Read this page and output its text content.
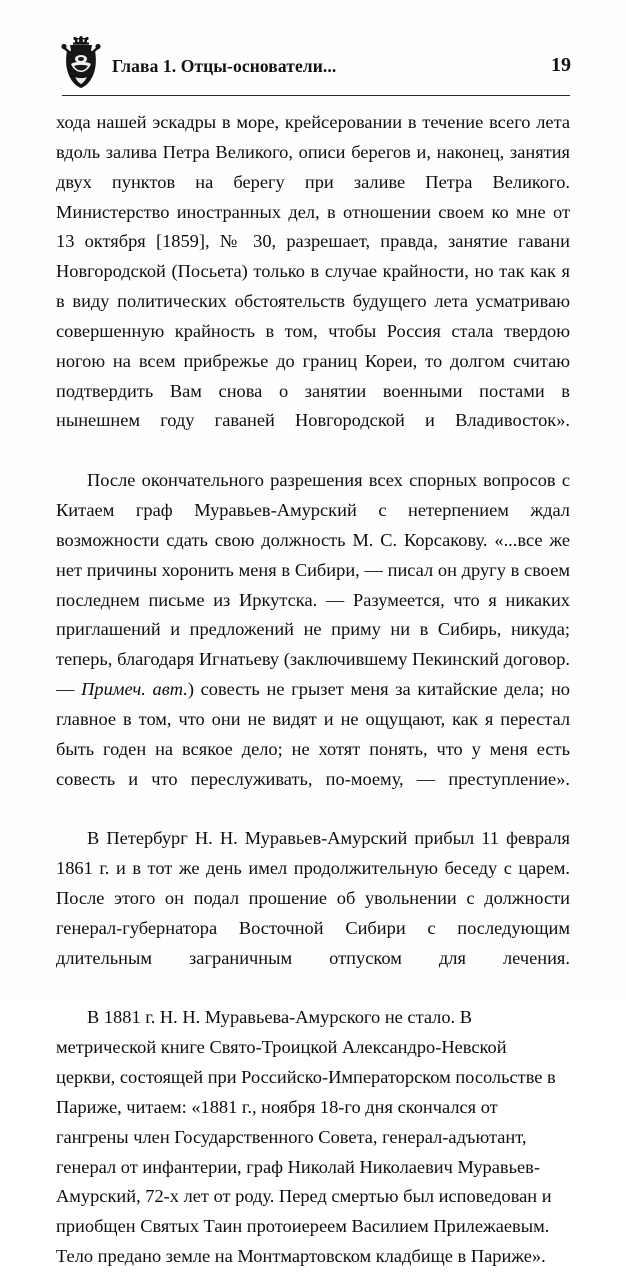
Глава 1. Отцы-основатели...	19

хода нашей эскадры в море, крейсеровании в течение всего лета вдоль залива Петра Великого, описи берегов и, наконец, занятия двух пунктов на берегу при заливе Петра Великого. Министерство иностранных дел, в отношении своем ко мне от 13 октября [1859], № 30, разрешает, правда, занятие гавани Новгородской (Посьета) только в случае крайности, но так как я в виду политических обстоятельств будущего лета усматриваю совершенную крайность в том, чтобы Россия стала твердою ногою на всем прибрежье до границ Кореи, то долгом считаю подтвердить Вам снова о занятии военными постами в нынешнем году гаваней Новгородской и Владивосток».

После окончательного разрешения всех спорных вопросов с Китаем граф Муравьев-Амурский с нетерпением ждал возможности сдать свою должность М. С. Корсакову. «...все же нет причины хоронить меня в Сибири, — писал он другу в своем последнем письме из Иркутска. — Разумеется, что я никаких приглашений и предложений не приму ни в Сибирь, никуда; теперь, благодаря Игнатьеву (заключившему Пекинский договор. — Примеч. авт.) совесть не грызет меня за китайские дела; но главное в том, что они не видят и не ощущают, как я перестал быть годен на всякое дело; не хотят понять, что у меня есть совесть и что переслуживать, по-моему, — преступление».

В Петербург Н. Н. Муравьев-Амурский прибыл 11 февраля 1861 г. и в тот же день имел продолжительную беседу с царем. После этого он подал прошение об увольнении с должности генерал-губернатора Восточной Сибири с последующим длительным заграничным отпуском для лечения.

В 1881 г. Н. Н. Муравьева-Амурского не стало. В метрической книге Свято-Троицкой Александро-Невской церкви, состоящей при Российско-Императорском посольстве в Париже, читаем: «1881 г., ноября 18-го дня скончался от гангрены член Государственного Совета, генерал-адъютант, генерал от инфантерии, граф Николай Николаевич Муравьев-Амурский, 72-х лет от роду. Перед смертью был исповедован и приобщен Святых Таин протоиереем Василием Прилежаевым. Тело предано земле на Монтмартовском кладбище в Париже».
